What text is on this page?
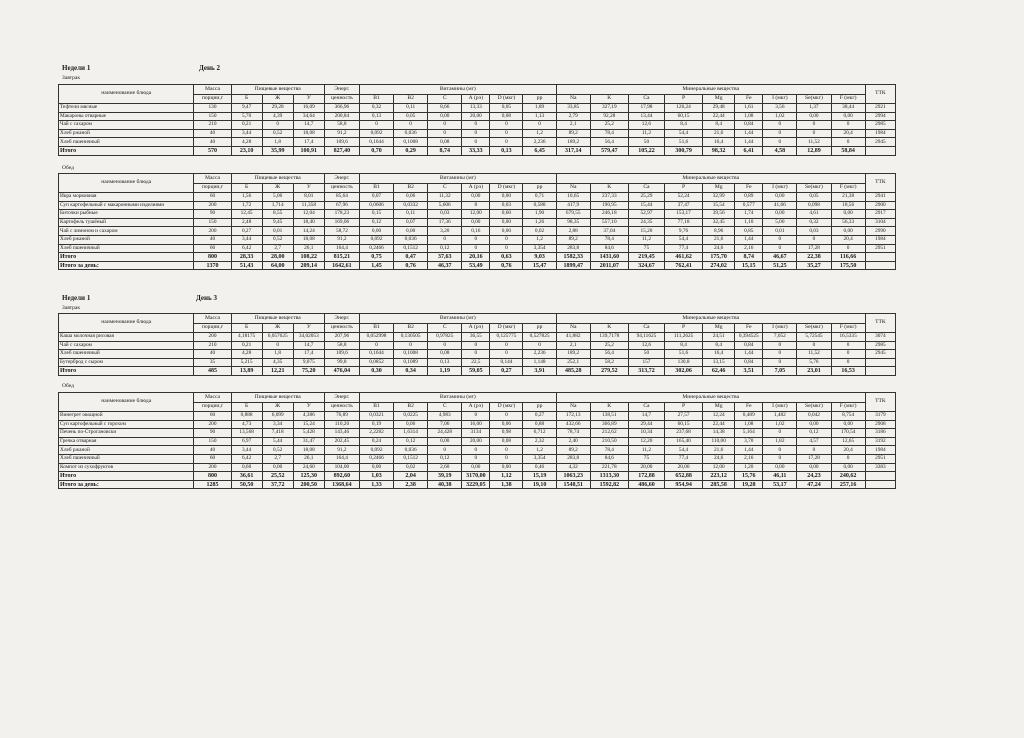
Недели 1	День 2
Завтрак
наименование блюда	Масса	Пищевые вещества			Энерг.	Витамины (мг)						Минеральные вещества									ТТК
	порции,г	Б	Ж	У	ценность	B1	B2	C	А (рэ)	D (мкг)	pp	Na	K	Ca	P	Mg	Fe	I (мкг)	Se(мкг)	F (мкг)	
Тефтели мясные	130	9,47	29,28	16,09	366,96	0,32	0,11	8,66	13,33	0,05	1,89	33,85	327,19	17,98	126,24	29,48	1,61	3,56	1,37	38,44	2921
Макароны отварные	150	5,70	4,39	34,64	200,84	0,13	0,05	0,00	20,00	0,08	1,13	2,79	92,28	13,44	60,15	22,44	1,08	1,02	0,00	0,00	2994
Чай с сахаром	210	0,21	0	14,7	58,8	0	0	0	0	0	0	2,1	25,2	12,6	8,4	8,4	0,84	0	0	0	2985
Хлеб ржаной	40	3,44	0,52	18,08	91,2	0,092	0,036	0	0	0	1,2	89,2	78,4	11,2	54,4	21,6	1,44	0	0	20,4	1984
Хлеб пшеничный	40	4,28	1,8	17,4	109,6	0,1644	0,1008	0,08	0	0	2,236	189,2	56,4	50	51,6	16,4	1,44	0	11,52	0	2945
Итого	570	23,10	35,99	100,91	827,40	0,70	0,29	8,74	33,33	0,13	6,45	317,14	579,47	105,22	300,79	98,32	6,41	4,58	12,89	58,84	
Обед
наименование блюда	Масса	Пищевые вещества			Энерг.	Витамины (мг)						Минеральные вещества									ТТК
	порции,г	Б	Ж	У	ценность	B1	B2	C	А (рэ)	D (мкг)	pp	Na	K	Ca	P	Mg	Fe	I (мкг)	Se(мкг)	F (мкг)	
Икра морковная	60	1,56	5,06	8,01	85,64	0,07	0,06	11,32	0,00	0,00	0,71	10,65	237,33	25,29	52,24	32,99	0,89	0,00	0,05	21,38	2941
Суп картофельный с макаронными изделиями	200	1,72	1,714	11,358	67,96	0,0606	0,0332	5,606	8	0,03	0,588	417,9	190,95	15,44	37,47	15,54	0,577	41,66	0,098	18,56	2900
Биточки рыбные	90	12,45	8,55	12,04	178,23	0,15	0,11	0,03	12,00	0,60	1,90	679,55	246,18	52,97	153,17	39,56	1,74	0,00	4,61	0,00	2917
Картофель тушёный	150	2,48	9,45	18,40	169,06	0,12	0,07	17,36	0,00	0,00	1,26	98,35	557,10	24,35	77,18	32,45	1,10	5,00	0,32	56,33	3104
Чай с лимоном и сахаром	200	0,27	0,01	14,24	58,72	0,00	0,00	3,20	0,16	0,00	0,02	2,88	37,04	15,20	9,76	8,96	0,85	0,01	0,03	0,00	2990
Хлеб ржаной	40	3,44	0,52	18,08	91,2	0,092	0,036	0	0	0	1,2	89,2	78,4	11,2	54,4	21,6	1,44	0	0	20,4	1984
Хлеб пшеничный	60	6,42	2,7	26,1	164,4	0,2466	0,1512	0,12	0	0	3,354	283,8	84,6	75	77,4	24,6	2,16	0	17,28	0	2951
Итого	800	28,33	28,00	108,22	815,21	0,75	0,47	37,63	20,16	0,63	9,03	1582,33	1431,60	219,45	461,62	175,70	8,74	46,67	22,38	116,66	
Итого за день:	1370	51,43	64,00	209,14	1642,61	1,45	0,76	46,37	53,49	0,76	15,47	1899,47	2011,07	324,67	762,41	274,02	15,15	51,25	35,27	175,50	
Недели 1	День 3
Завтрак
наименование блюда	Масса	Пищевые вещества			Энерг.	Витамины (мг)						Минеральные вещества									ТТК
	порции,г	Б	Ж	У	ценность	B1	B2	C	А (рэ)	D (мкг)	pp	Na	K	Ca	P	Mg	Fe	I (мкг)	Se(мкг)	F (мкг)	
Каша молочная рисовая	200	4,18175	6,057625	34,02053	207,96	0,052998	0,130505	0,97825	36,55	0,125775	0,527825	41,882	139,7178	94,11625	111,2625	24,51	0,394525	7,052	5,72545	16,5335	3074
Чай с сахаром	210	0,21	0	14,7	58,8	0	0	0	0	0	0	2,1	25,2	12,6	8,4	8,4	0,84	0	0	0	2985
Хлеб пшеничный	40	4,28	1,8	17,4	109,6	0,1644	0,1008	0,08	0	0	2,236	189,2	56,4	50	51,6	16,4	1,44	0	11,52	0	2945
Бутерброд с сыром	35	5,215	4,35	9,075	99,8	0,0852	0,1089	0,13	22,5	0,144	1,148	252,1	58,2	157	130,8	13,15	0,84	0	5,76	0	
Итого	485	13,89	12,21	75,20	476,04	0,30	0,34	1,19	59,05	0,27	3,91	485,28	279,52	313,72	302,06	62,46	3,51	7,05	23,01	16,53	
Обед
наименование блюда	Масса	Пищевые вещества			Энерг.	Витамины (мг)						Минеральные вещества									ТТК
	порции,г	Б	Ж	У	ценность	B1	B2	C	А (рэ)	D (мкг)	pp	Na	K	Ca	P	Mg	Fe	I (мкг)	Se(мкг)	F (мкг)	
Винегрет овощной	60	0,888	6,099	4,386	76,89	0,0321	0,0225	4,983	0	0	0,27	172,13	138,51	14,7	27,57	12,24	0,489	1,482	0,042	8,754	3179
Суп картофельный с горохом	200	4,73	3,34	15,24	110,20	0,19	0,06	7,06	16,00	0,06	0,88	432,66	366,89	29,44	60,15	22,44	1,08	1,02	0,00	0,00	2908
Печень по-Строгановски	90	13,568	7,418	5,428	143,46	2,2282	1,6314	24,428	3134	0,98	6,712	78,74	212,62	10,34	237,68	14,38	5,164	0	0,12	170,54	3186
Гречка отварная	150	6,97	5,44	31,47	202,45	0,24	0,12	0,00	20,00	0,08	2,32	2,40	210,50	12,20	165,40	110,00	3,70	1,82	4,57	12,65	3192
Хлеб ржаной	40	3,44	0,52	18,08	91,2	0,092	0,036	0	0	0	1,2	89,2	78,4	11,2	54,4	21,6	1,44	0	0	20,4	1984
Хлеб пшеничный	60	6,42	2,7	26,1	164,4	0,2466	0,1512	0,12	0	0	3,354	283,8	84,6	75	77,4	24,6	2,16	0	17,28	0	2951
Компот из сухофруктов	200	0,60	0,00	24,60	104,00	0,00	0,02	2,60	0,00	0,00	0,46	4,32	221,78	20,00	20,00	12,00	1,20	0,00	0,00	0,00	3383
Итого	800	36,61	25,52	125,30	892,60	1,03	2,04	39,19	3170,00	1,12	15,19	1063,23	1313,30	172,88	652,88	223,12	15,76	46,11	24,23	240,62	
Итого за день:	1285	50,50	37,72	200,50	1368,64	1,33	2,38	40,38	3229,05	1,38	19,10	1548,51	1592,82	486,60	954,94	285,58	19,28	53,17	47,24	257,16	
